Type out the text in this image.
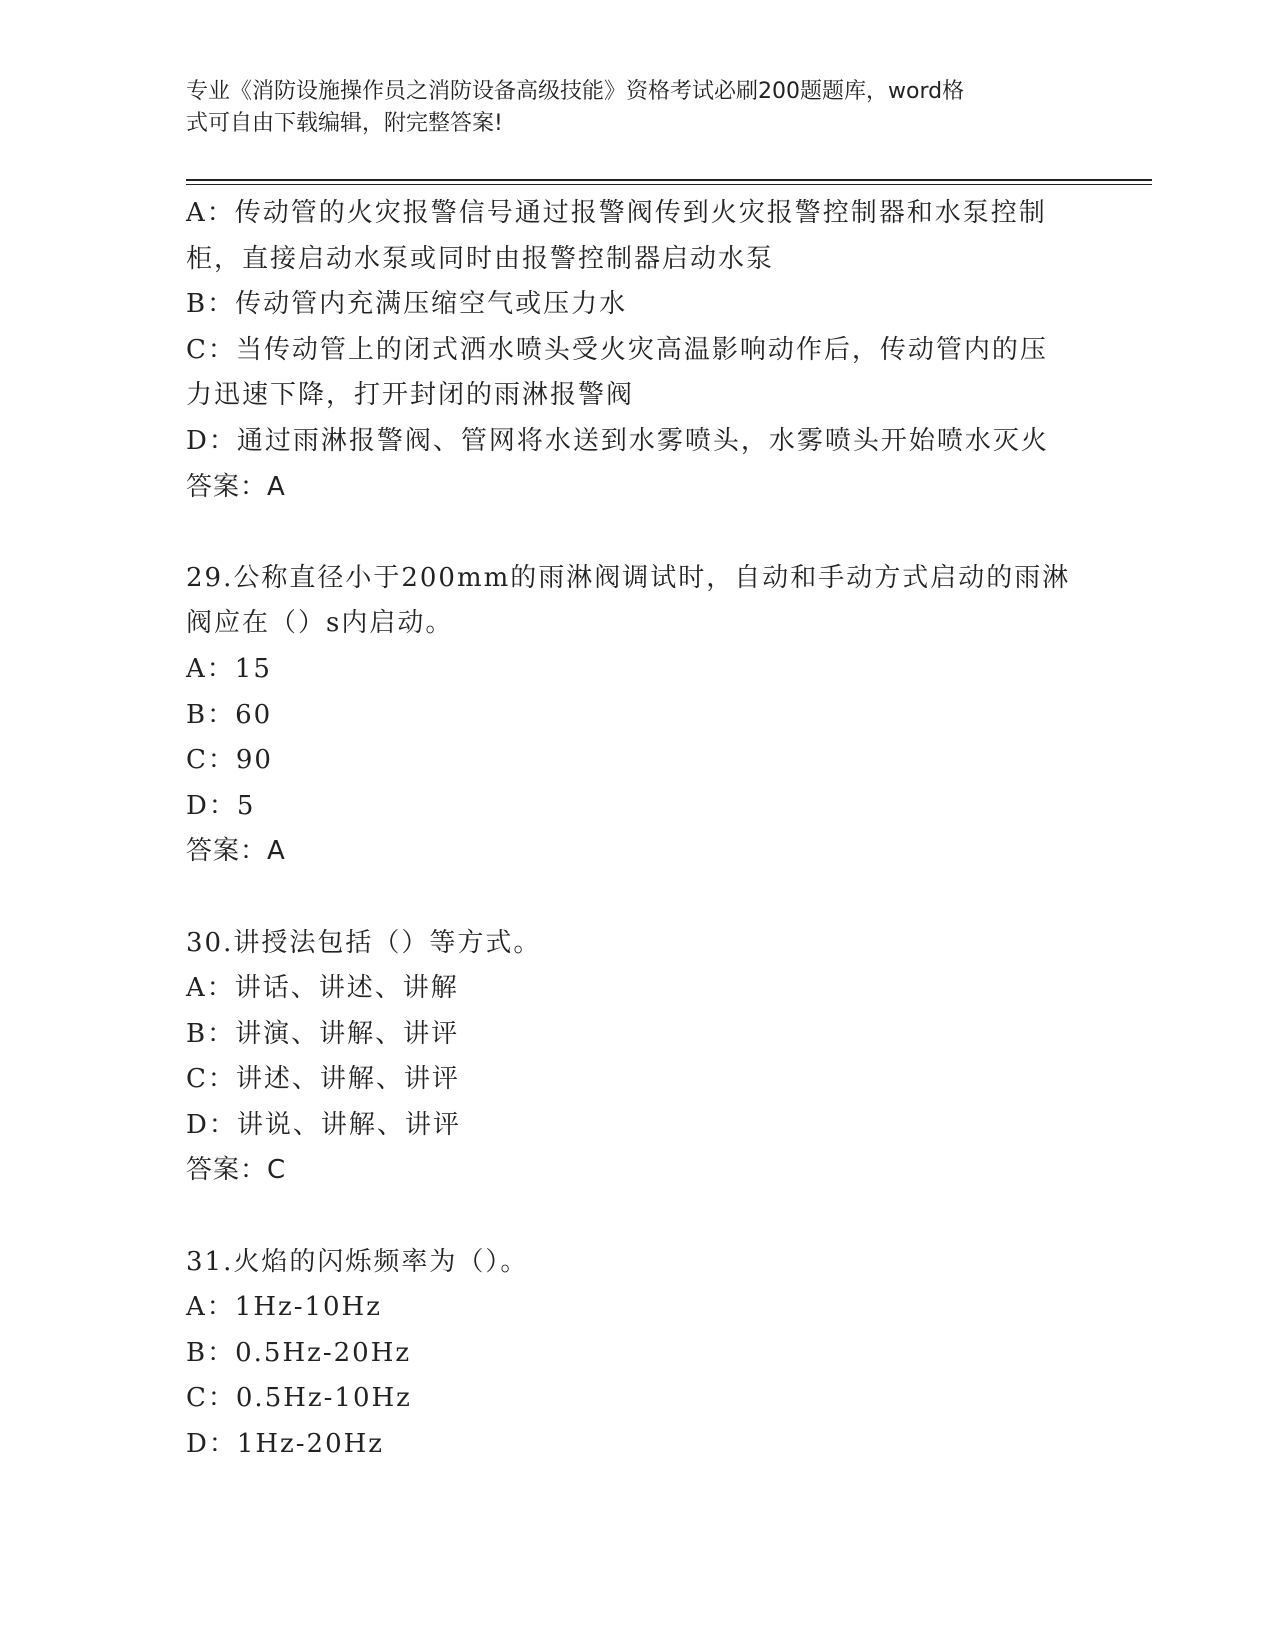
专业《消防设施操作员之消防设备高级技能》资格考试必刷200题题库，word格
式可自由下载编辑，附完整答案!
A：传动管的火灾报警信号通过报警阀传到火灾报警控制器和水泵控制
柜，直接启动水泵或同时由报警控制器启动水泵
B：传动管内充满压缩空气或压力水
C：当传动管上的闭式洒水喷头受火灾高温影响动作后，传动管内的压
力迅速下降，打开封闭的雨淋报警阀
D：通过雨淋报警阀、管网将水送到水雾喷头，水雾喷头开始喷水灭火
答案：A
29.公称直径小于200mm的雨淋阀调试时，自动和手动方式启动的雨淋
阀应在（）s内启动。
A：15
B：60
C：90
D：5
答案：A
30.讲授法包括（）等方式。
A：讲话、讲述、讲解
B：讲演、讲解、讲评
C：讲述、讲解、讲评
D：讲说、讲解、讲评
答案：C
31.火焰的闪烁频率为（）。
A：1Hz-10Hz
B：0.5Hz-20Hz
C：0.5Hz-10Hz
D：1Hz-20Hz
